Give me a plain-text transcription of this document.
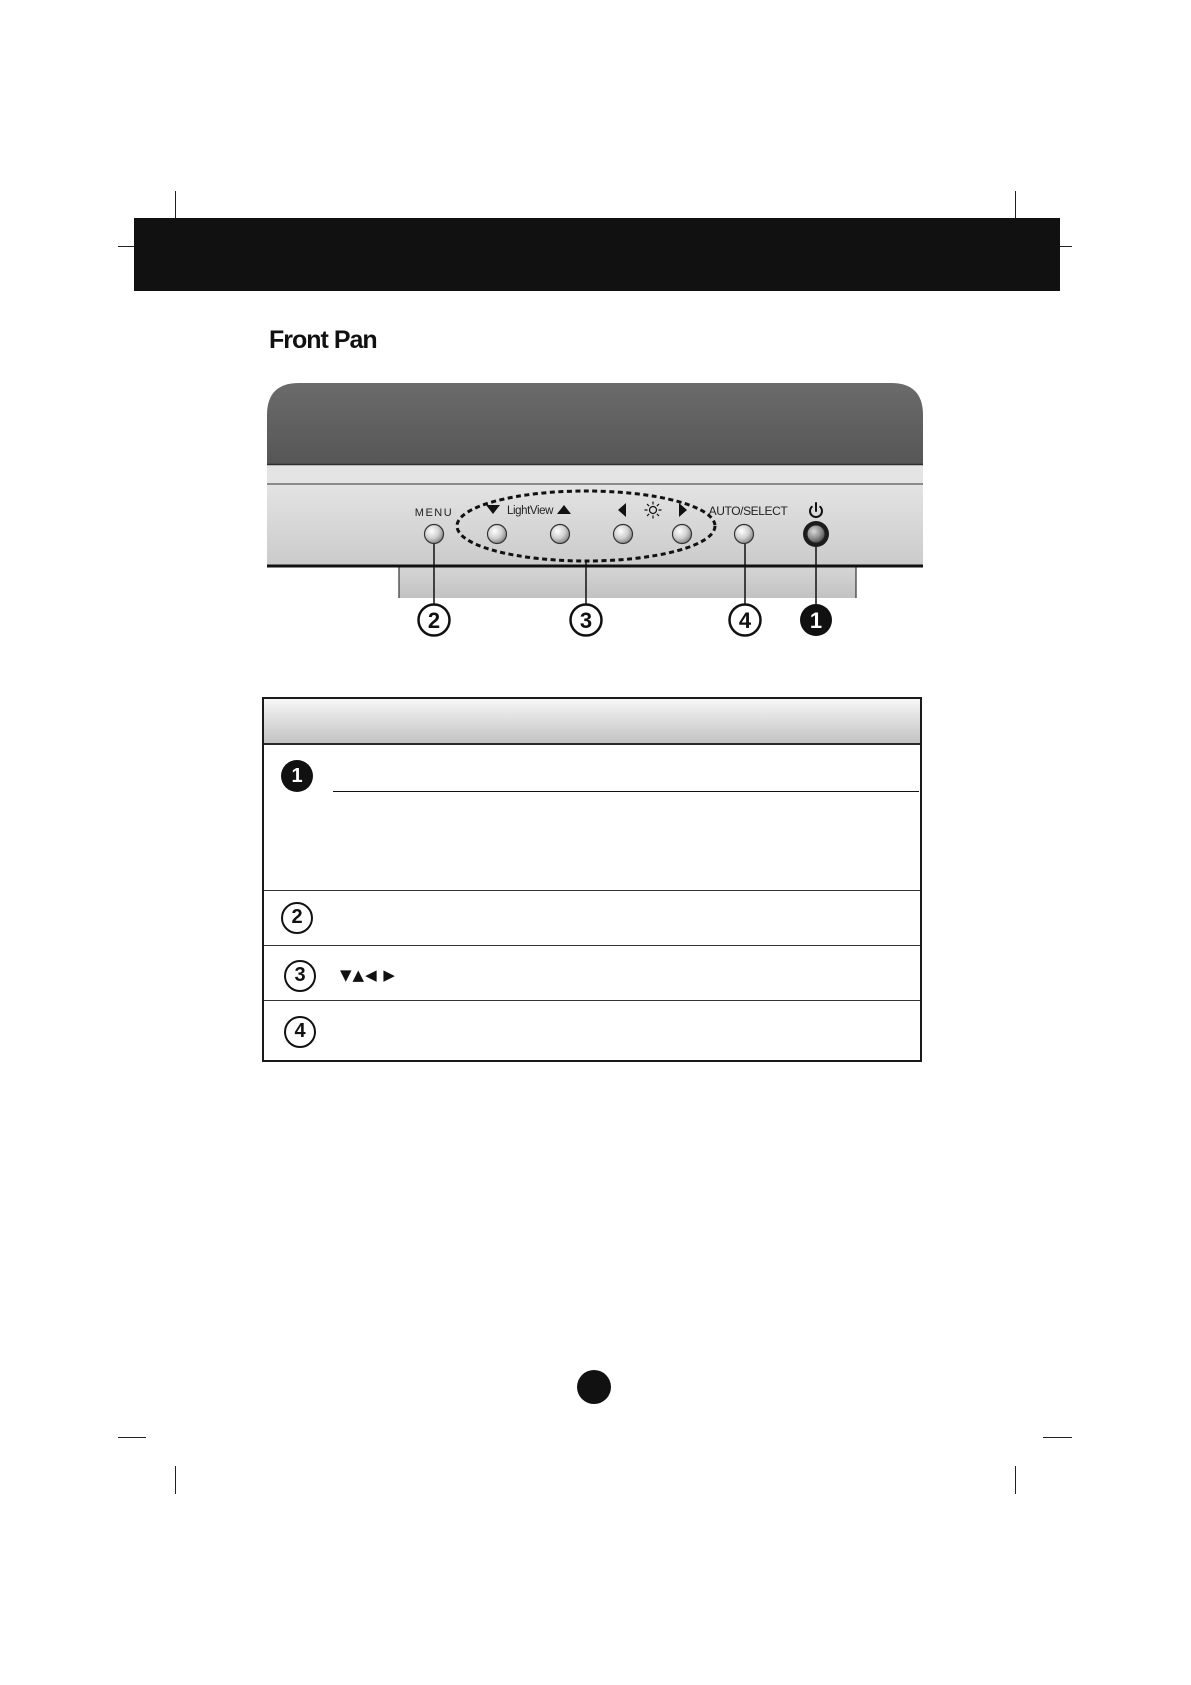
Front Pan
MENU	LightView	AUTO/SELECT
2	3	4	1
1
2
3	▼▲◀ ▶
4
